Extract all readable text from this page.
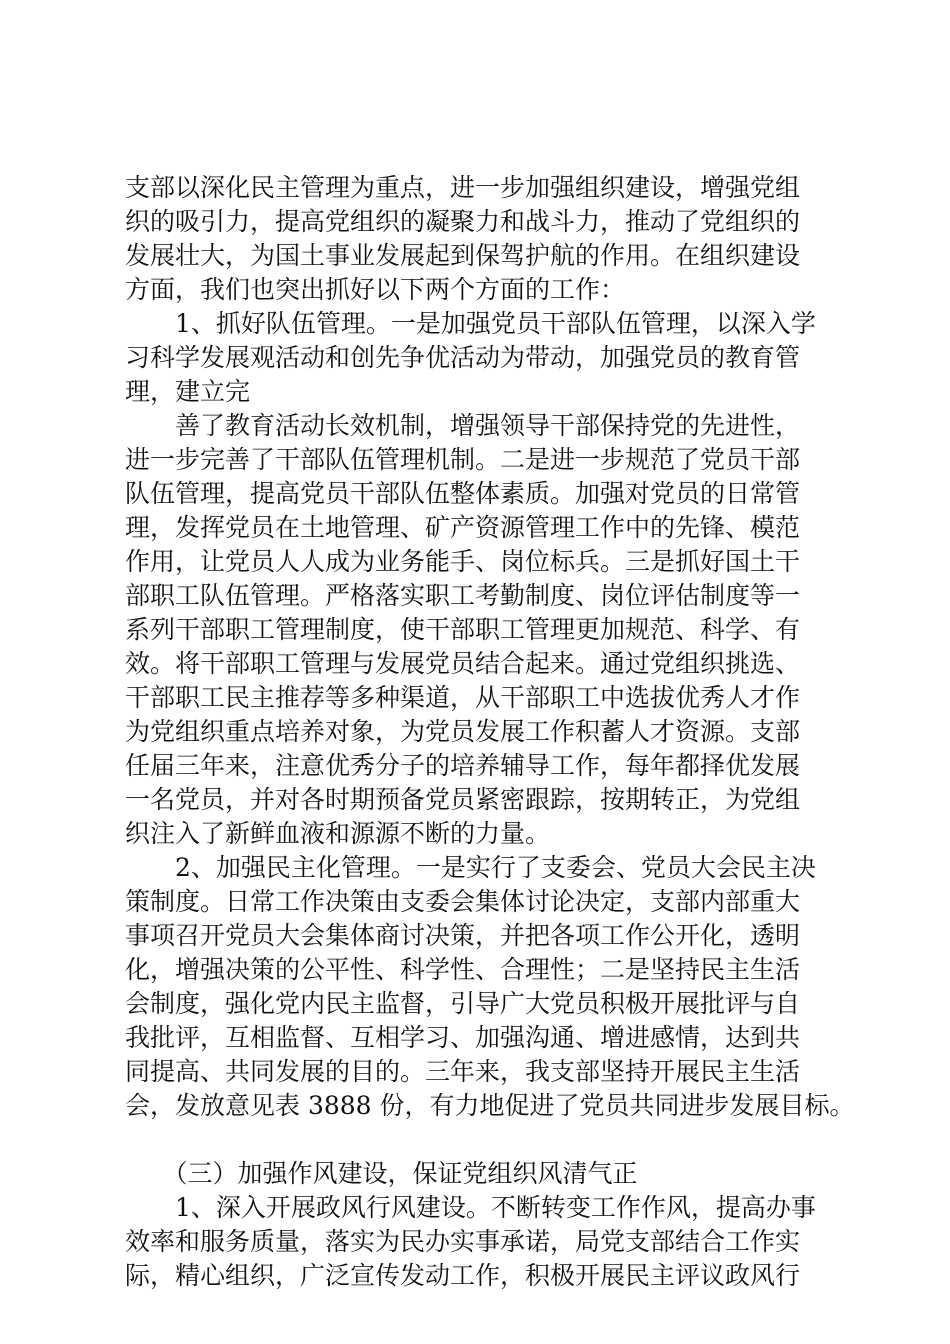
支部以深化民主管理为重点，进一步加强组织建设，增强党组
织的吸引力，提高党组织的凝聚力和战斗力，推动了党组织的
发展壮大，为国土事业发展起到保驾护航的作用。在组织建设
方面，我们也突出抓好以下两个方面的工作：
　　1、抓好队伍管理。一是加强党员干部队伍管理，以深入学
习科学发展观活动和创先争优活动为带动，加强党员的教育管
理，建立完
　　善了教育活动长效机制，增强领导干部保持党的先进性，
进一步完善了干部队伍管理机制。二是进一步规范了党员干部
队伍管理，提高党员干部队伍整体素质。加强对党员的日常管
理，发挥党员在土地管理、矿产资源管理工作中的先锋、模范
作用，让党员人人成为业务能手、岗位标兵。三是抓好国土干
部职工队伍管理。严格落实职工考勤制度、岗位评估制度等一
系列干部职工管理制度，使干部职工管理更加规范、科学、有
效。将干部职工管理与发展党员结合起来。通过党组织挑选、
干部职工民主推荐等多种渠道，从干部职工中选拔优秀人才作
为党组织重点培养对象，为党员发展工作积蓄人才资源。支部
任届三年来，注意优秀分子的培养辅导工作，每年都择优发展
一名党员，并对各时期预备党员紧密跟踪，按期转正，为党组
织注入了新鲜血液和源源不断的力量。
　　2、加强民主化管理。一是实行了支委会、党员大会民主决
策制度。日常工作决策由支委会集体讨论决定，支部内部重大
事项召开党员大会集体商讨决策，并把各项工作公开化，透明
化，增强决策的公平性、科学性、合理性；二是坚持民主生活
会制度，强化党内民主监督，引导广大党员积极开展批评与自
我批评，互相监督、互相学习、加强沟通、增进感情，达到共
同提高、共同发展的目的。三年来，我支部坚持开展民主生活
会，发放意见表 3888 份，有力地促进了党员共同进步发展目标。
　　（三）加强作风建设，保证党组织风清气正
　　1、深入开展政风行风建设。不断转变工作作风，提高办事
效率和服务质量，落实为民办实事承诺，局党支部结合工作实
际，精心组织，广泛宣传发动工作，积极开展民主评议政风行
